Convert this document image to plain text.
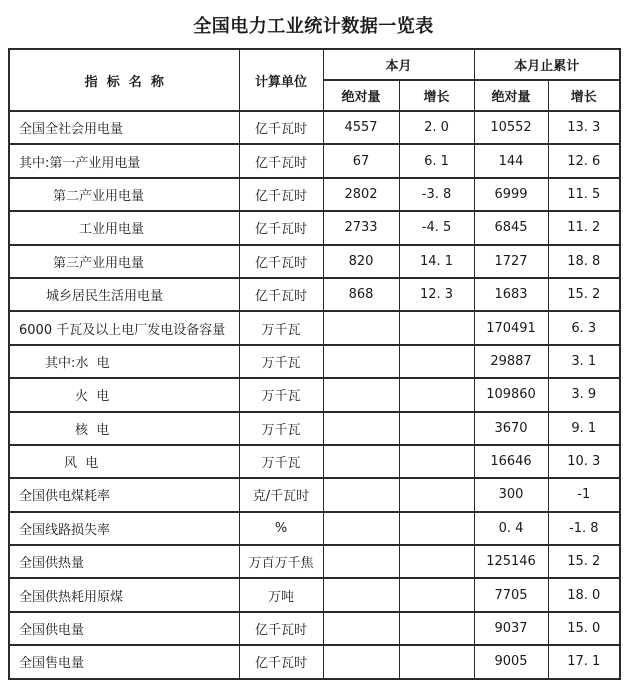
全国电力工业统计数据一览表
指  标  名  称	计算单位	本月		本月止累计	
		绝对量	增长	绝对量	增长
全国全社会用电量	亿千瓦时	4557	2. 0	10552	13. 3
其中:第一产业用电量	亿千瓦时	67	6. 1	144	12. 6
第二产业用电量	亿千瓦时	2802	-3. 8	6999	11. 5
工业用电量	亿千瓦时	2733	-4. 5	6845	11. 2
第三产业用电量	亿千瓦时	820	14. 1	1727	18. 8
城乡居民生活用电量	亿千瓦时	868	12. 3	1683	15. 2
6000 千瓦及以上电厂发电设备容量	万千瓦			170491	6. 3
其中:水  电	万千瓦			29887	3. 1
火  电	万千瓦			109860	3. 9
核  电	万千瓦			3670	9. 1
风  电	万千瓦			16646	10. 3
全国供电煤耗率	克/千瓦时			300	-1
全国线路损失率	%			0. 4	-1. 8
全国供热量	万百万千焦			125146	15. 2
全国供热耗用原煤	万吨			7705	18. 0
全国供电量	亿千瓦时			9037	15. 0
全国售电量	亿千瓦时			9005	17. 1
